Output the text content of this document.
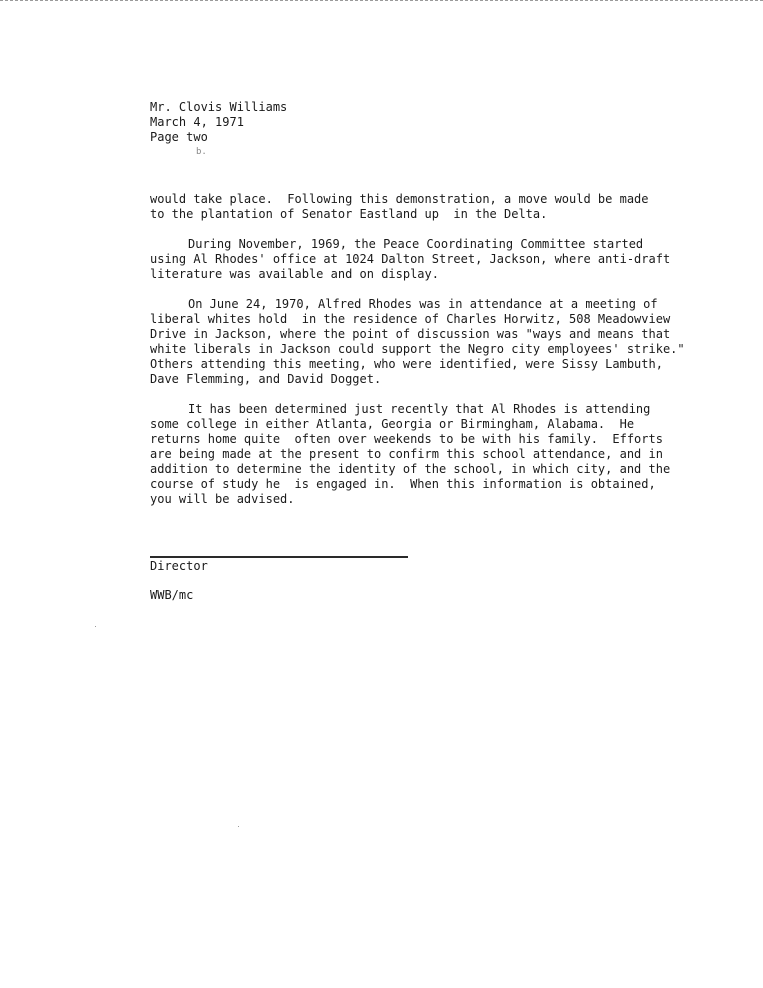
Mr. Clovis Williams
March 4, 1971
Page two
b.

would take place.  Following this demonstration, a move would be made
to the plantation of Senator Eastland up  in the Delta.

During November, 1969, the Peace Coordinating Committee started
using Al Rhodes' office at 1024 Dalton Street, Jackson, where anti-draft
literature was available and on display.

On June 24, 1970, Alfred Rhodes was in attendance at a meeting of
liberal whites hold  in the residence of Charles Horwitz, 508 Meadowview
Drive in Jackson, where the point of discussion was "ways and means that
white liberals in Jackson could support the Negro city employees' strike."
Others attending this meeting, who were identified, were Sissy Lambuth,
Dave Flemming, and David Dogget.

It has been determined just recently that Al Rhodes is attending
some college in either Atlanta, Georgia or Birmingham, Alabama.  He
returns home quite  often over weekends to be with his family.  Efforts
are being made at the present to confirm this school attendance, and in
addition to determine the identity of the school, in which city, and the
course of study he  is engaged in.  When this information is obtained,
you will be advised.

Director
WWB/mc
